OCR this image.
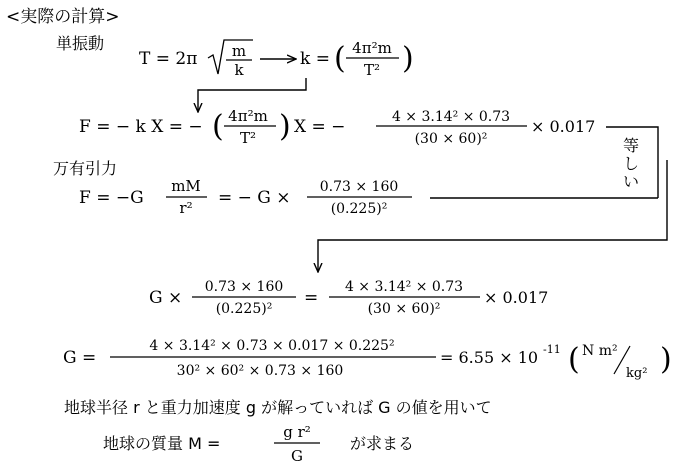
<実際の計算>
単振動
T = 2π m
k
k = ( 4π²m
T² )
F = − k X = − ( 4π²m
T² ) X = −	4 × 3.14² × 0.73
(30 × 60)²
× 0.017
等
し
い
万有引力
F = −G
mM
r² = − G ×
0.73 × 160
(0.225)²
G ×
0.73 × 160
(0.225)²
=
4 × 3.14² × 0.73
(30 × 60)²
× 0.017
G =
4 × 3.14² × 0.73 × 0.017 × 0.225²
30² × 60² × 0.73 × 160
= 6.55 × 10 -11 ( N m²
kg² )
地球半径 r と重力加速度 g が解っていれば G の値を用いて
地球の質量 M =
g r²
G
が求まる
